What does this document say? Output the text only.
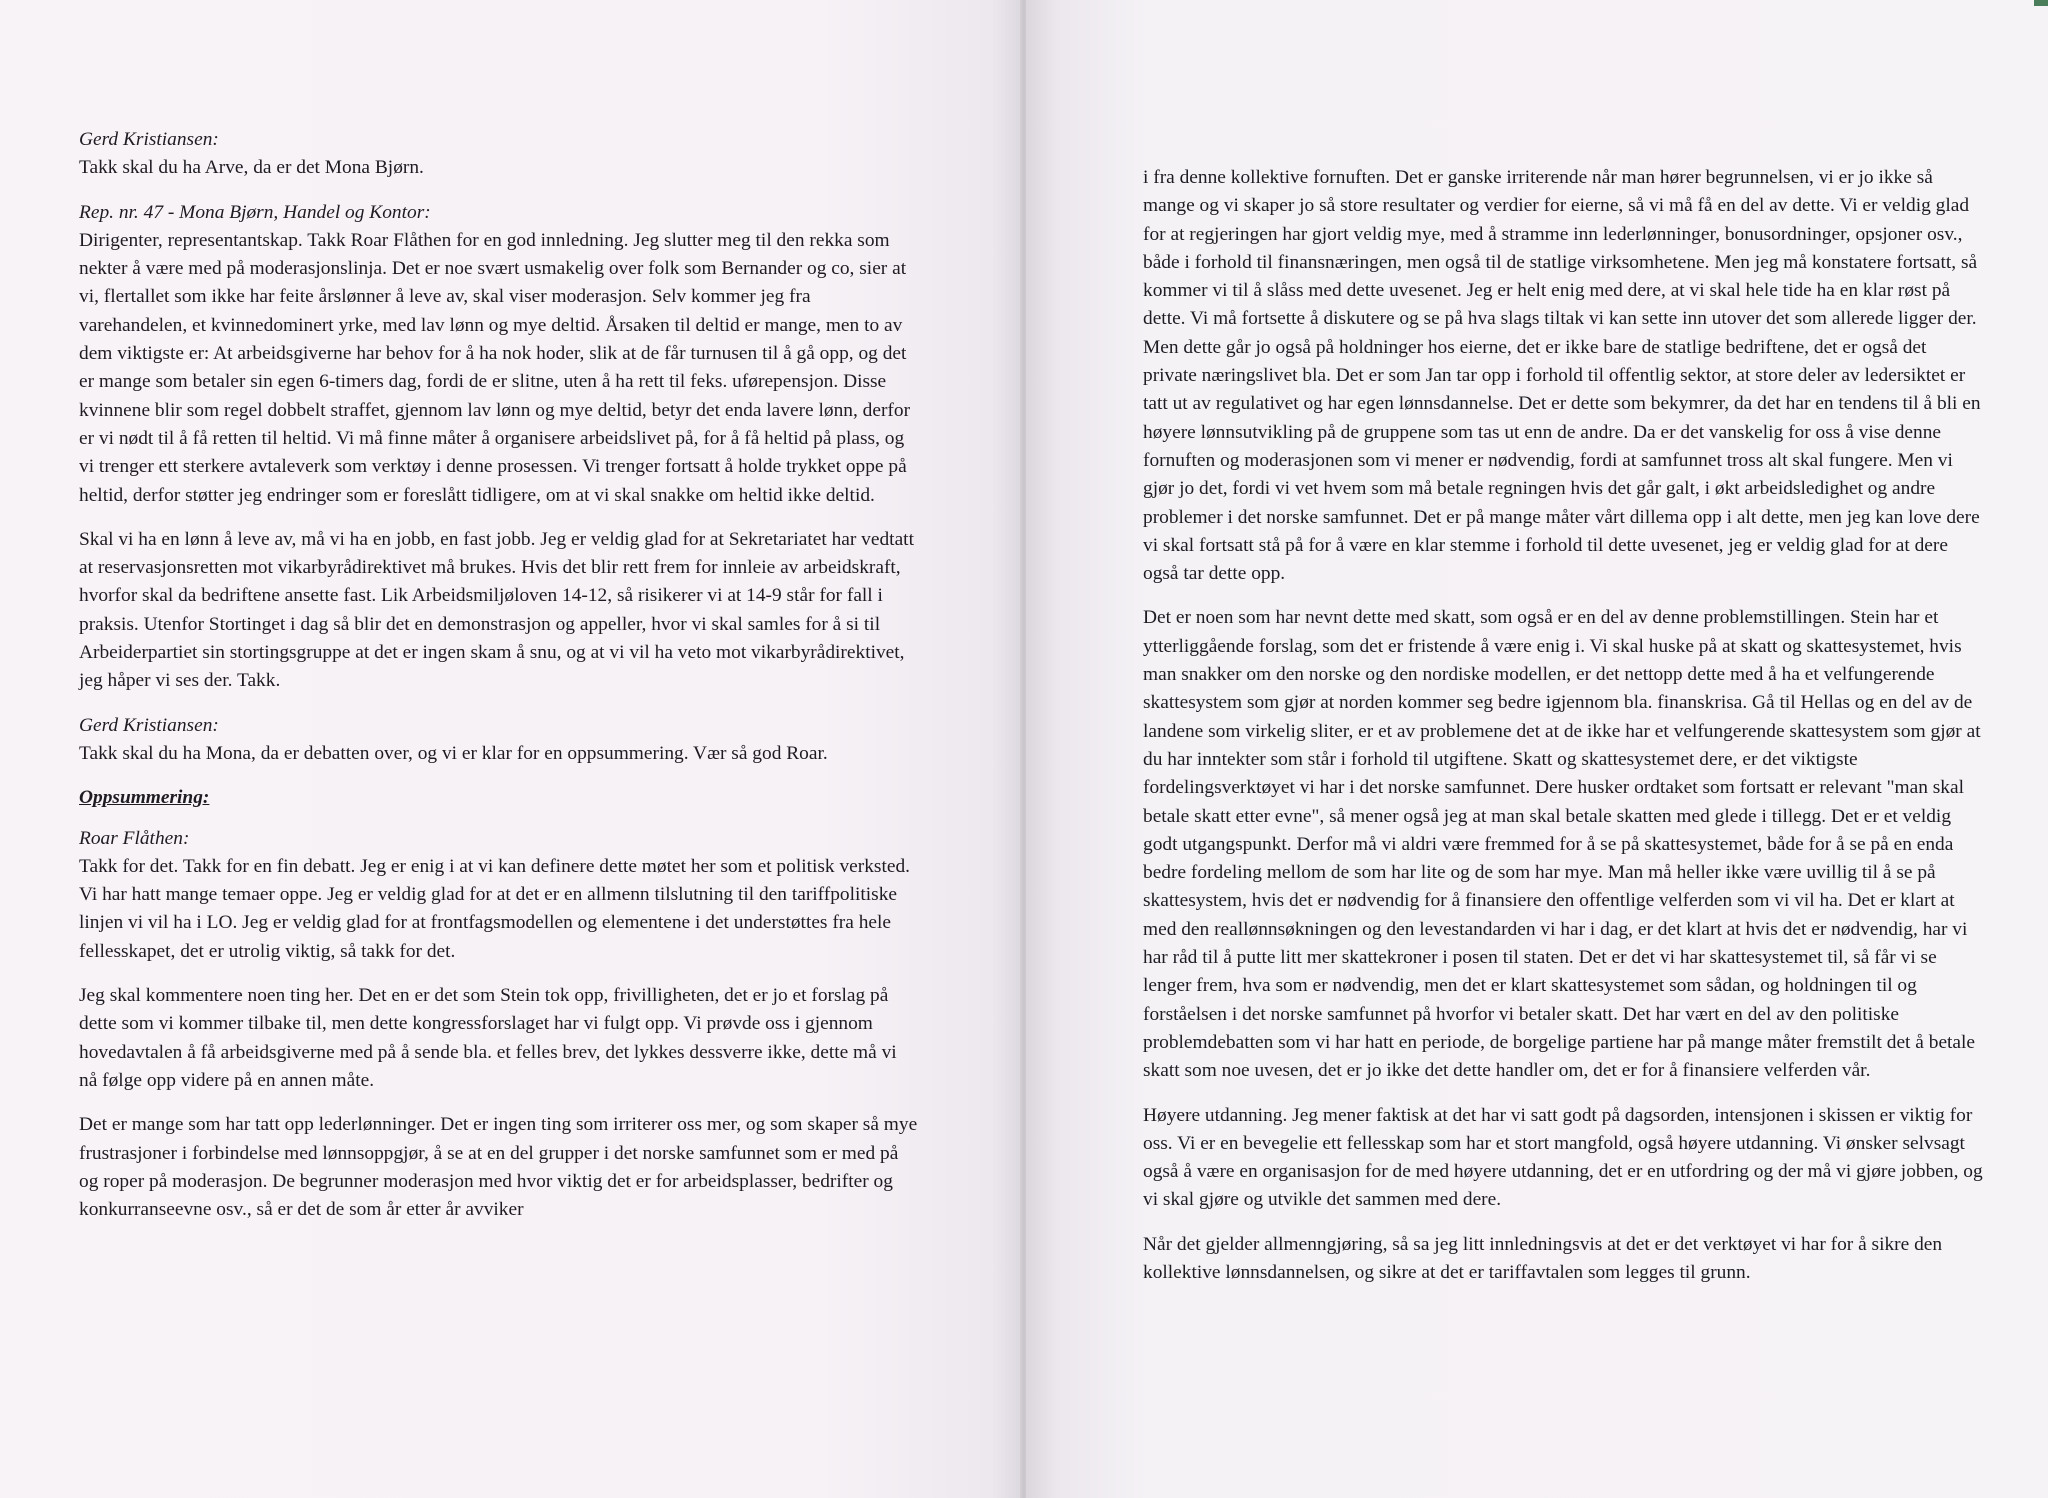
Gerd Kristiansen:
Takk skal du ha Arve, da er det Mona Bjørn.
Rep. nr. 47 - Mona Bjørn, Handel og Kontor:
Dirigenter, representantskap. Takk Roar Flåthen for en god innledning. Jeg slutter meg til den rekka som nekter å være med på moderasjonslinja. Det er noe svært usmakelig over folk som Bernander og co, sier at vi, flertallet som ikke har feite årslønner å leve av, skal viser moderasjon. Selv kommer jeg fra varehandelen, et kvinnedominert yrke, med lav lønn og mye deltid. Årsaken til deltid er mange, men to av dem viktigste er: At arbeidsgiverne har behov for å ha nok hoder, slik at de får turnusen til å gå opp, og det er mange som betaler sin egen 6-timers dag, fordi de er slitne, uten å ha rett til feks. uførepensjon. Disse kvinnene blir som regel dobbelt straffet, gjennom lav lønn og mye deltid, betyr det enda lavere lønn, derfor er vi nødt til å få retten til heltid. Vi må finne måter å organisere arbeidslivet på, for å få heltid på plass, og vi trenger ett sterkere avtaleverk som verktøy i denne prosessen. Vi trenger fortsatt å holde trykket oppe på heltid, derfor støtter jeg endringer som er foreslått tidligere, om at vi skal snakke om heltid ikke deltid.
Skal vi ha en lønn å leve av, må vi ha en jobb, en fast jobb. Jeg er veldig glad for at Sekretariatet har vedtatt at reservasjonsretten mot vikarbyrådirektivet må brukes. Hvis det blir rett frem for innleie av arbeidskraft, hvorfor skal da bedriftene ansette fast. Lik Arbeidsmiljøloven 14-12, så risikerer vi at 14-9 står for fall i praksis. Utenfor Stortinget i dag så blir det en demonstrasjon og appeller, hvor vi skal samles for å si til Arbeiderpartiet sin stortingsgruppe at det er ingen skam å snu, og at vi vil ha veto mot vikarbyrådirektivet, jeg håper vi ses der. Takk.
Gerd Kristiansen:
Takk skal du ha Mona, da er debatten over, og vi er klar for en oppsummering. Vær så god Roar.
Oppsummering:
Roar Flåthen:
Takk for det. Takk for en fin debatt. Jeg er enig i at vi kan definere dette møtet her som et politisk verksted. Vi har hatt mange temaer oppe. Jeg er veldig glad for at det er en allmenn tilslutning til den tariffpolitiske linjen vi vil ha i LO. Jeg er veldig glad for at frontfagsmodellen og elementene i det understøttes fra hele fellesskapet, det er utrolig viktig, så takk for det.
Jeg skal kommentere noen ting her. Det en er det som Stein tok opp, frivilligheten, det er jo et forslag på dette som vi kommer tilbake til, men dette kongressforslaget har vi fulgt opp. Vi prøvde oss i gjennom hovedavtalen å få arbeidsgiverne med på å sende bla. et felles brev, det lykkes dessverre ikke, dette må vi nå følge opp videre på en annen måte.
Det er mange som har tatt opp lederlønninger. Det er ingen ting som irriterer oss mer, og som skaper så mye frustrasjoner i forbindelse med lønnsoppgjør, å se at en del grupper i det norske samfunnet som er med på og roper på moderasjon. De begrunner moderasjon med hvor viktig det er for arbeidsplasser, bedrifter og konkurranseevne osv., så er det de som år etter år avviker
i fra denne kollektive fornuften. Det er ganske irriterende når man hører begrunnelsen, vi er jo ikke så mange og vi skaper jo så store resultater og verdier for eierne, så vi må få en del av dette. Vi er veldig glad for at regjeringen har gjort veldig mye, med å stramme inn lederlønninger, bonusordninger, opsjoner osv., både i forhold til finansnæringen, men også til de statlige virksomhetene. Men jeg må konstatere fortsatt, så kommer vi til å slåss med dette uvesenet. Jeg er helt enig med dere, at vi skal hele tide ha en klar røst på dette. Vi må fortsette å diskutere og se på hva slags tiltak vi kan sette inn utover det som allerede ligger der. Men dette går jo også på holdninger hos eierne, det er ikke bare de statlige bedriftene, det er også det private næringslivet bla. Det er som Jan tar opp i forhold til offentlig sektor, at store deler av ledersiktet er tatt ut av regulativet og har egen lønnsdannelse. Det er dette som bekymrer, da det har en tendens til å bli en høyere lønnsutvikling på de gruppene som tas ut enn de andre. Da er det vanskelig for oss å vise denne fornuften og moderasjonen som vi mener er nødvendig, fordi at samfunnet tross alt skal fungere. Men vi gjør jo det, fordi vi vet hvem som må betale regningen hvis det går galt, i økt arbeidsledighet og andre problemer i det norske samfunnet. Det er på mange måter vårt dillema opp i alt dette, men jeg kan love dere vi skal fortsatt stå på for å være en klar stemme i forhold til dette uvesenet, jeg er veldig glad for at dere også tar dette opp.
Det er noen som har nevnt dette med skatt, som også er en del av denne problemstillingen. Stein har et ytterliggående forslag, som det er fristende å være enig i. Vi skal huske på at skatt og skattesystemet, hvis man snakker om den norske og den nordiske modellen, er det nettopp dette med å ha et velfungerende skattesystem som gjør at norden kommer seg bedre igjennom bla. finanskrisa. Gå til Hellas og en del av de landene som virkelig sliter, er et av problemene det at de ikke har et velfungerende skattesystem som gjør at du har inntekter som står i forhold til utgiftene. Skatt og skattesystemet dere, er det viktigste fordelingsverktøyet vi har i det norske samfunnet. Dere husker ordtaket som fortsatt er relevant "man skal betale skatt etter evne", så mener også jeg at man skal betale skatten med glede i tillegg. Det er et veldig godt utgangspunkt. Derfor må vi aldri være fremmed for å se på skattesystemet, både for å se på en enda bedre fordeling mellom de som har lite og de som har mye. Man må heller ikke være uvillig til å se på skattesystem, hvis det er nødvendig for å finansiere den offentlige velferden som vi vil ha. Det er klart at med den reallønnsøkningen og den levestandarden vi har i dag, er det klart at hvis det er nødvendig, har vi har råd til å putte litt mer skattekroner i posen til staten. Det er det vi har skattesystemet til, så får vi se lenger frem, hva som er nødvendig, men det er klart skattesystemet som sådan, og holdningen til og forståelsen i det norske samfunnet på hvorfor vi betaler skatt. Det har vært en del av den politiske problemdebatten som vi har hatt en periode, de borgelige partiene har på mange måter fremstilt det å betale skatt som noe uvesen, det er jo ikke det dette handler om, det er for å finansiere velferden vår.
Høyere utdanning. Jeg mener faktisk at det har vi satt godt på dagsorden, intensjonen i skissen er viktig for oss. Vi er en bevegelie ett fellesskap som har et stort mangfold, også høyere utdanning. Vi ønsker selvsagt også å være en organisasjon for de med høyere utdanning, det er en utfordring og der må vi gjøre jobben, og vi skal gjøre og utvikle det sammen med dere.
Når det gjelder allmenngjøring, så sa jeg litt innledningsvis at det er det verktøyet vi har for å sikre den kollektive lønnsdannelsen, og sikre at det er tariffavtalen som legges til grunn.
